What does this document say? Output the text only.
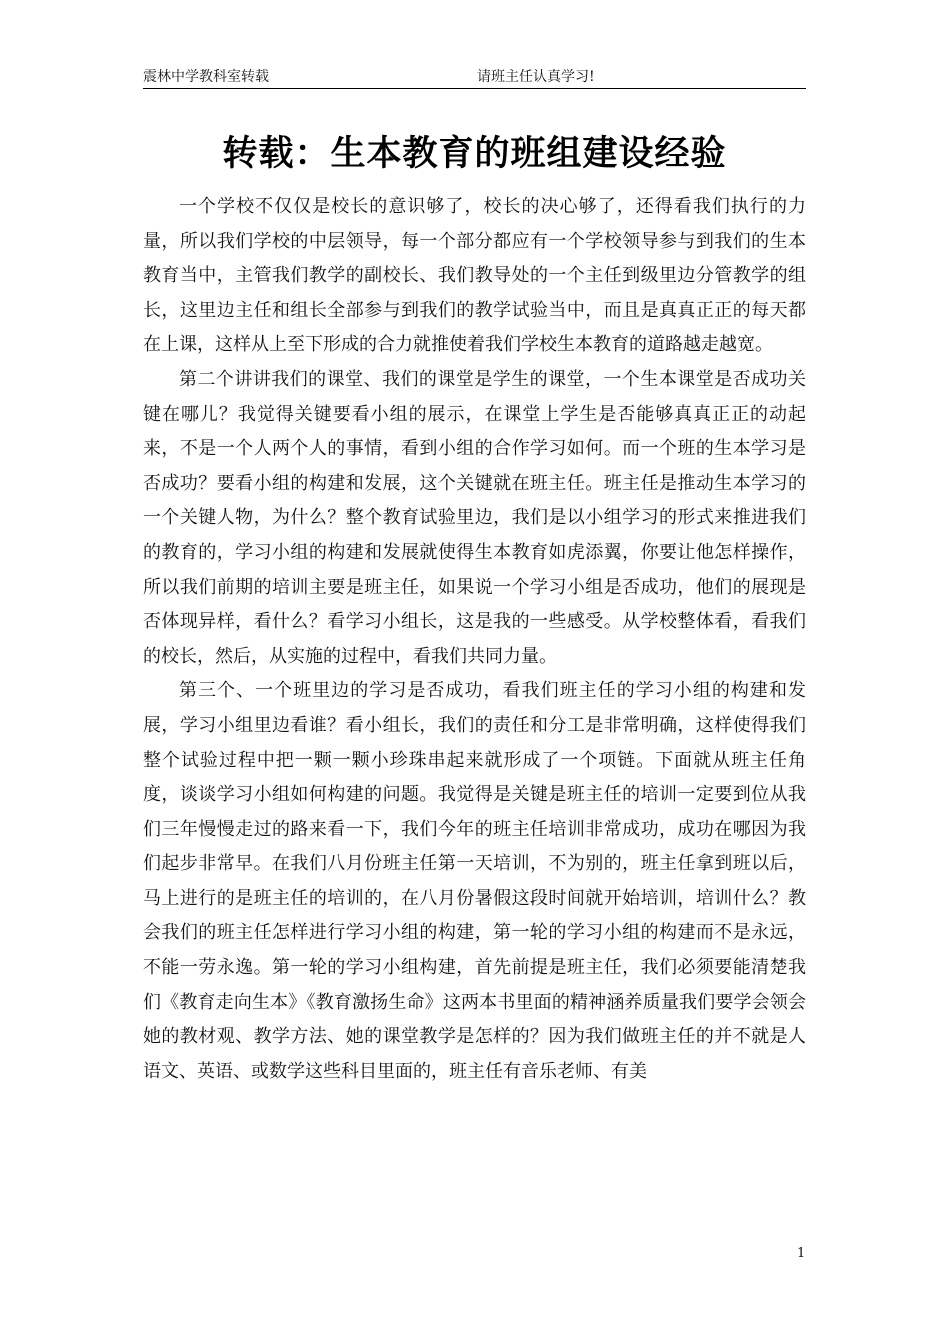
震林中学教科室转载	请班主任认真学习!
转载：生本教育的班组建设经验

一个学校不仅仅是校长的意识够了，校长的决心够了，还得看我们执行的力量，所以我们学校的中层领导，每一个部分都应有一个学校领导参与到我们的生本教育当中，主管我们教学的副校长、我们教导处的一个主任到级里边分管教学的组长，这里边主任和组长全部参与到我们的教学试验当中，而且是真真正正的每天都在上课，这样从上至下形成的合力就推使着我们学校生本教育的道路越走越宽。

第二个讲讲我们的课堂、我们的课堂是学生的课堂，一个生本课堂是否成功关键在哪儿？我觉得关键要看小组的展示，在课堂上学生是否能够真真正正的动起来，不是一个人两个人的事情，看到小组的合作学习如何。而一个班的生本学习是否成功？要看小组的构建和发展，这个关键就在班主任。班主任是推动生本学习的一个关键人物，为什么？整个教育试验里边，我们是以小组学习的形式来推进我们的教育的，学习小组的构建和发展就使得生本教育如虎添翼，你要让他怎样操作，所以我们前期的培训主要是班主任，如果说一个学习小组是否成功，他们的展现是否体现异样，看什么？看学习小组长，这是我的一些感受。从学校整体看，看我们的校长，然后，从实施的过程中，看我们共同力量。

第三个、一个班里边的学习是否成功，看我们班主任的学习小组的构建和发展，学习小组里边看谁？看小组长，我们的责任和分工是非常明确，这样使得我们整个试验过程中把一颗一颗小珍珠串起来就形成了一个项链。下面就从班主任角度，谈谈学习小组如何构建的问题。我觉得是关键是班主任的培训一定要到位从我们三年慢慢走过的路来看一下，我们今年的班主任培训非常成功，成功在哪因为我们起步非常早。在我们八月份班主任第一天培训，不为别的，班主任拿到班以后，马上进行的是班主任的培训的，在八月份暑假这段时间就开始培训，培训什么？教会我们的班主任怎样进行学习小组的构建，第一轮的学习小组的构建而不是永远，不能一劳永逸。第一轮的学习小组构建，首先前提是班主任，我们必须要能清楚我们《教育走向生本》《教育激扬生命》这两本书里面的精神涵养质量我们要学会领会她的教材观、教学方法、她的课堂教学是怎样的？因为我们做班主任的并不就是人语文、英语、或数学这些科目里面的，班主任有音乐老师、有美

1
